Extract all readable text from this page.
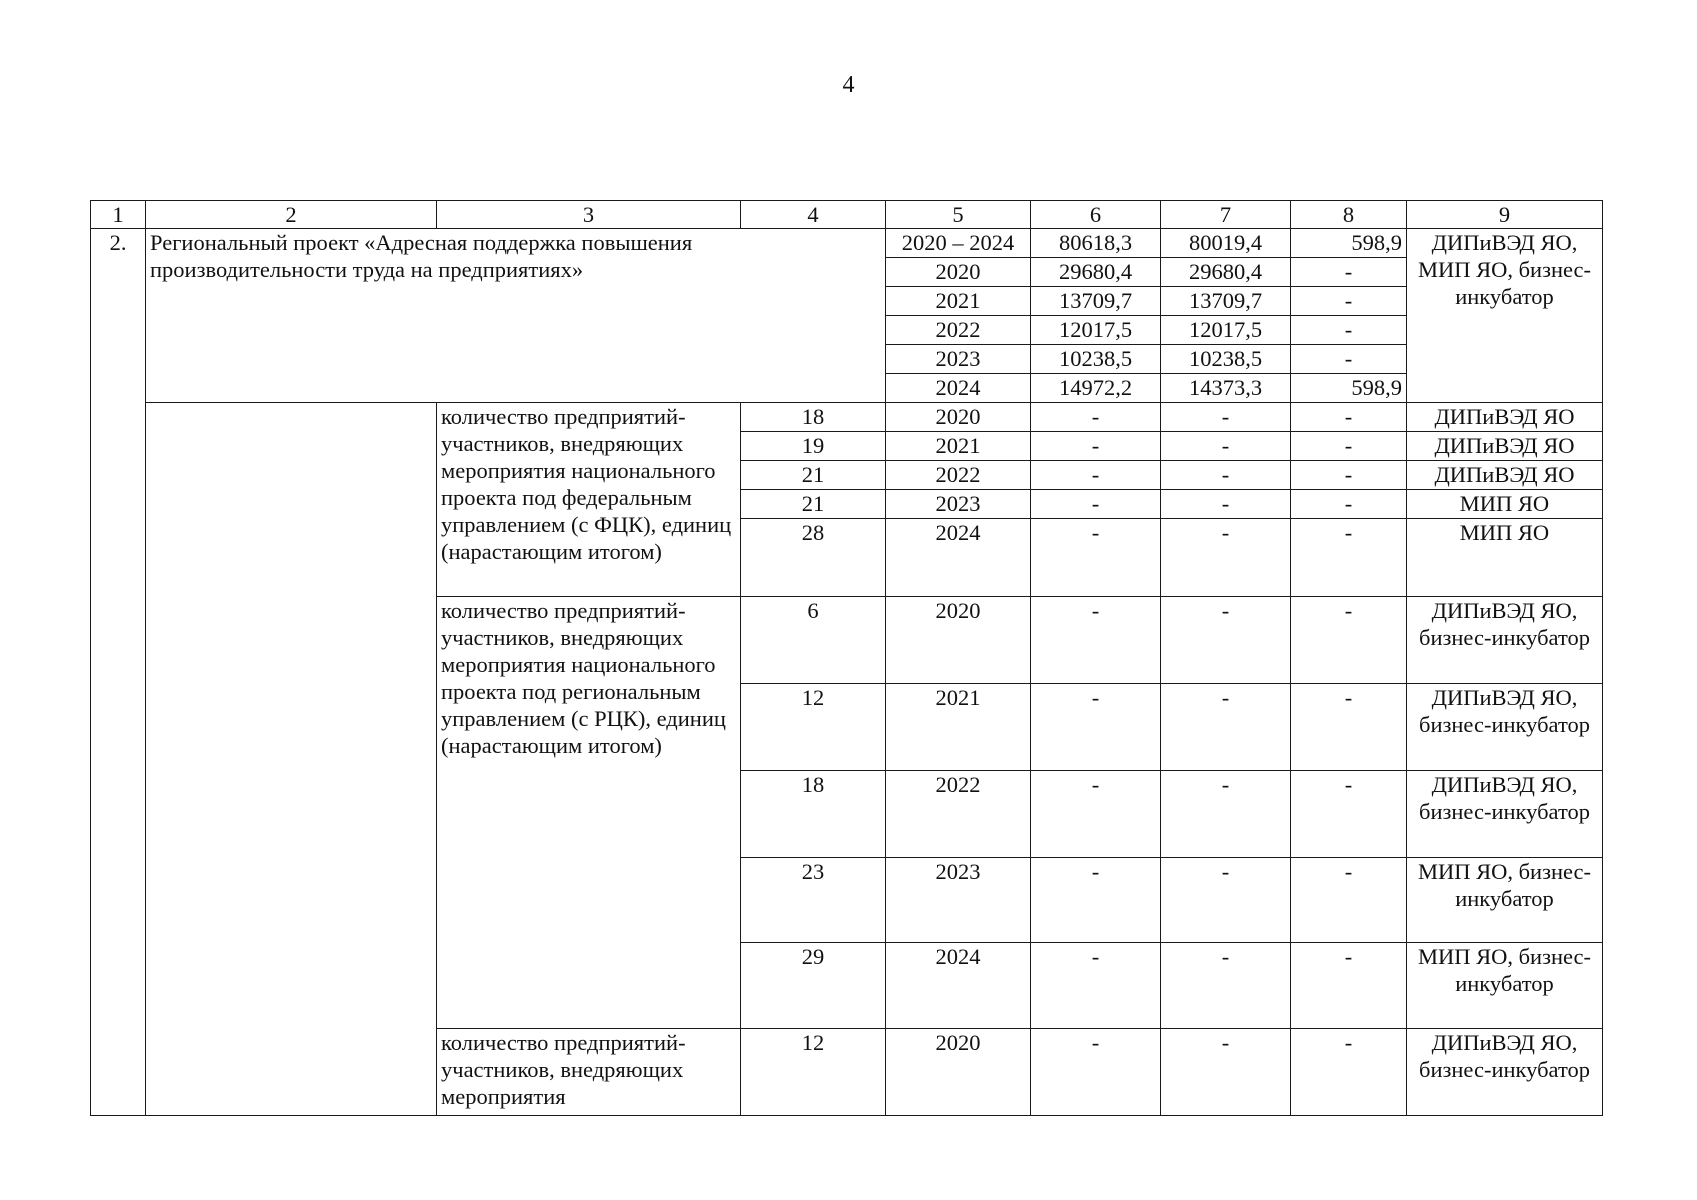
4
1	2	3	4	5	6	7	8	9
2.	Региональный проект «Адресная поддержка повышения производительности труда на предприятиях»			2020 – 2024	80618,3	80019,4	598,9	ДИПиВЭД ЯО, МИП ЯО, бизнес-инкубатор
				2020	29680,4	29680,4	-	
				2021	13709,7	13709,7	-	
				2022	12017,5	12017,5	-	
				2023	10238,5	10238,5	-	
				2024	14972,2	14373,3	598,9	
		количество предприятий-участников, внедряющих мероприятия национального проекта под федеральным управлением (с ФЦК), единиц (нарастающим итогом)	18	2020	-	-	-	ДИПиВЭД ЯО
			19	2021	-	-	-	ДИПиВЭД ЯО
			21	2022	-	-	-	ДИПиВЭД ЯО
			21	2023	-	-	-	МИП ЯО
			28	2024	-	-	-	МИП ЯО
		количество предприятий-участников, внедряющих мероприятия национального проекта под региональным управлением (с РЦК), единиц (нарастающим итогом)	6	2020	-	-	-	ДИПиВЭД ЯО, бизнес-инкубатор
			12	2021	-	-	-	ДИПиВЭД ЯО, бизнес-инкубатор
			18	2022	-	-	-	ДИПиВЭД ЯО, бизнес-инкубатор
			23	2023	-	-	-	МИП ЯО, бизнес-инкубатор
			29	2024	-	-	-	МИП ЯО, бизнес-инкубатор
		количество предприятий-участников, внедряющих мероприятия	12	2020	-	-	-	ДИПиВЭД ЯО, бизнес-инкубатор
